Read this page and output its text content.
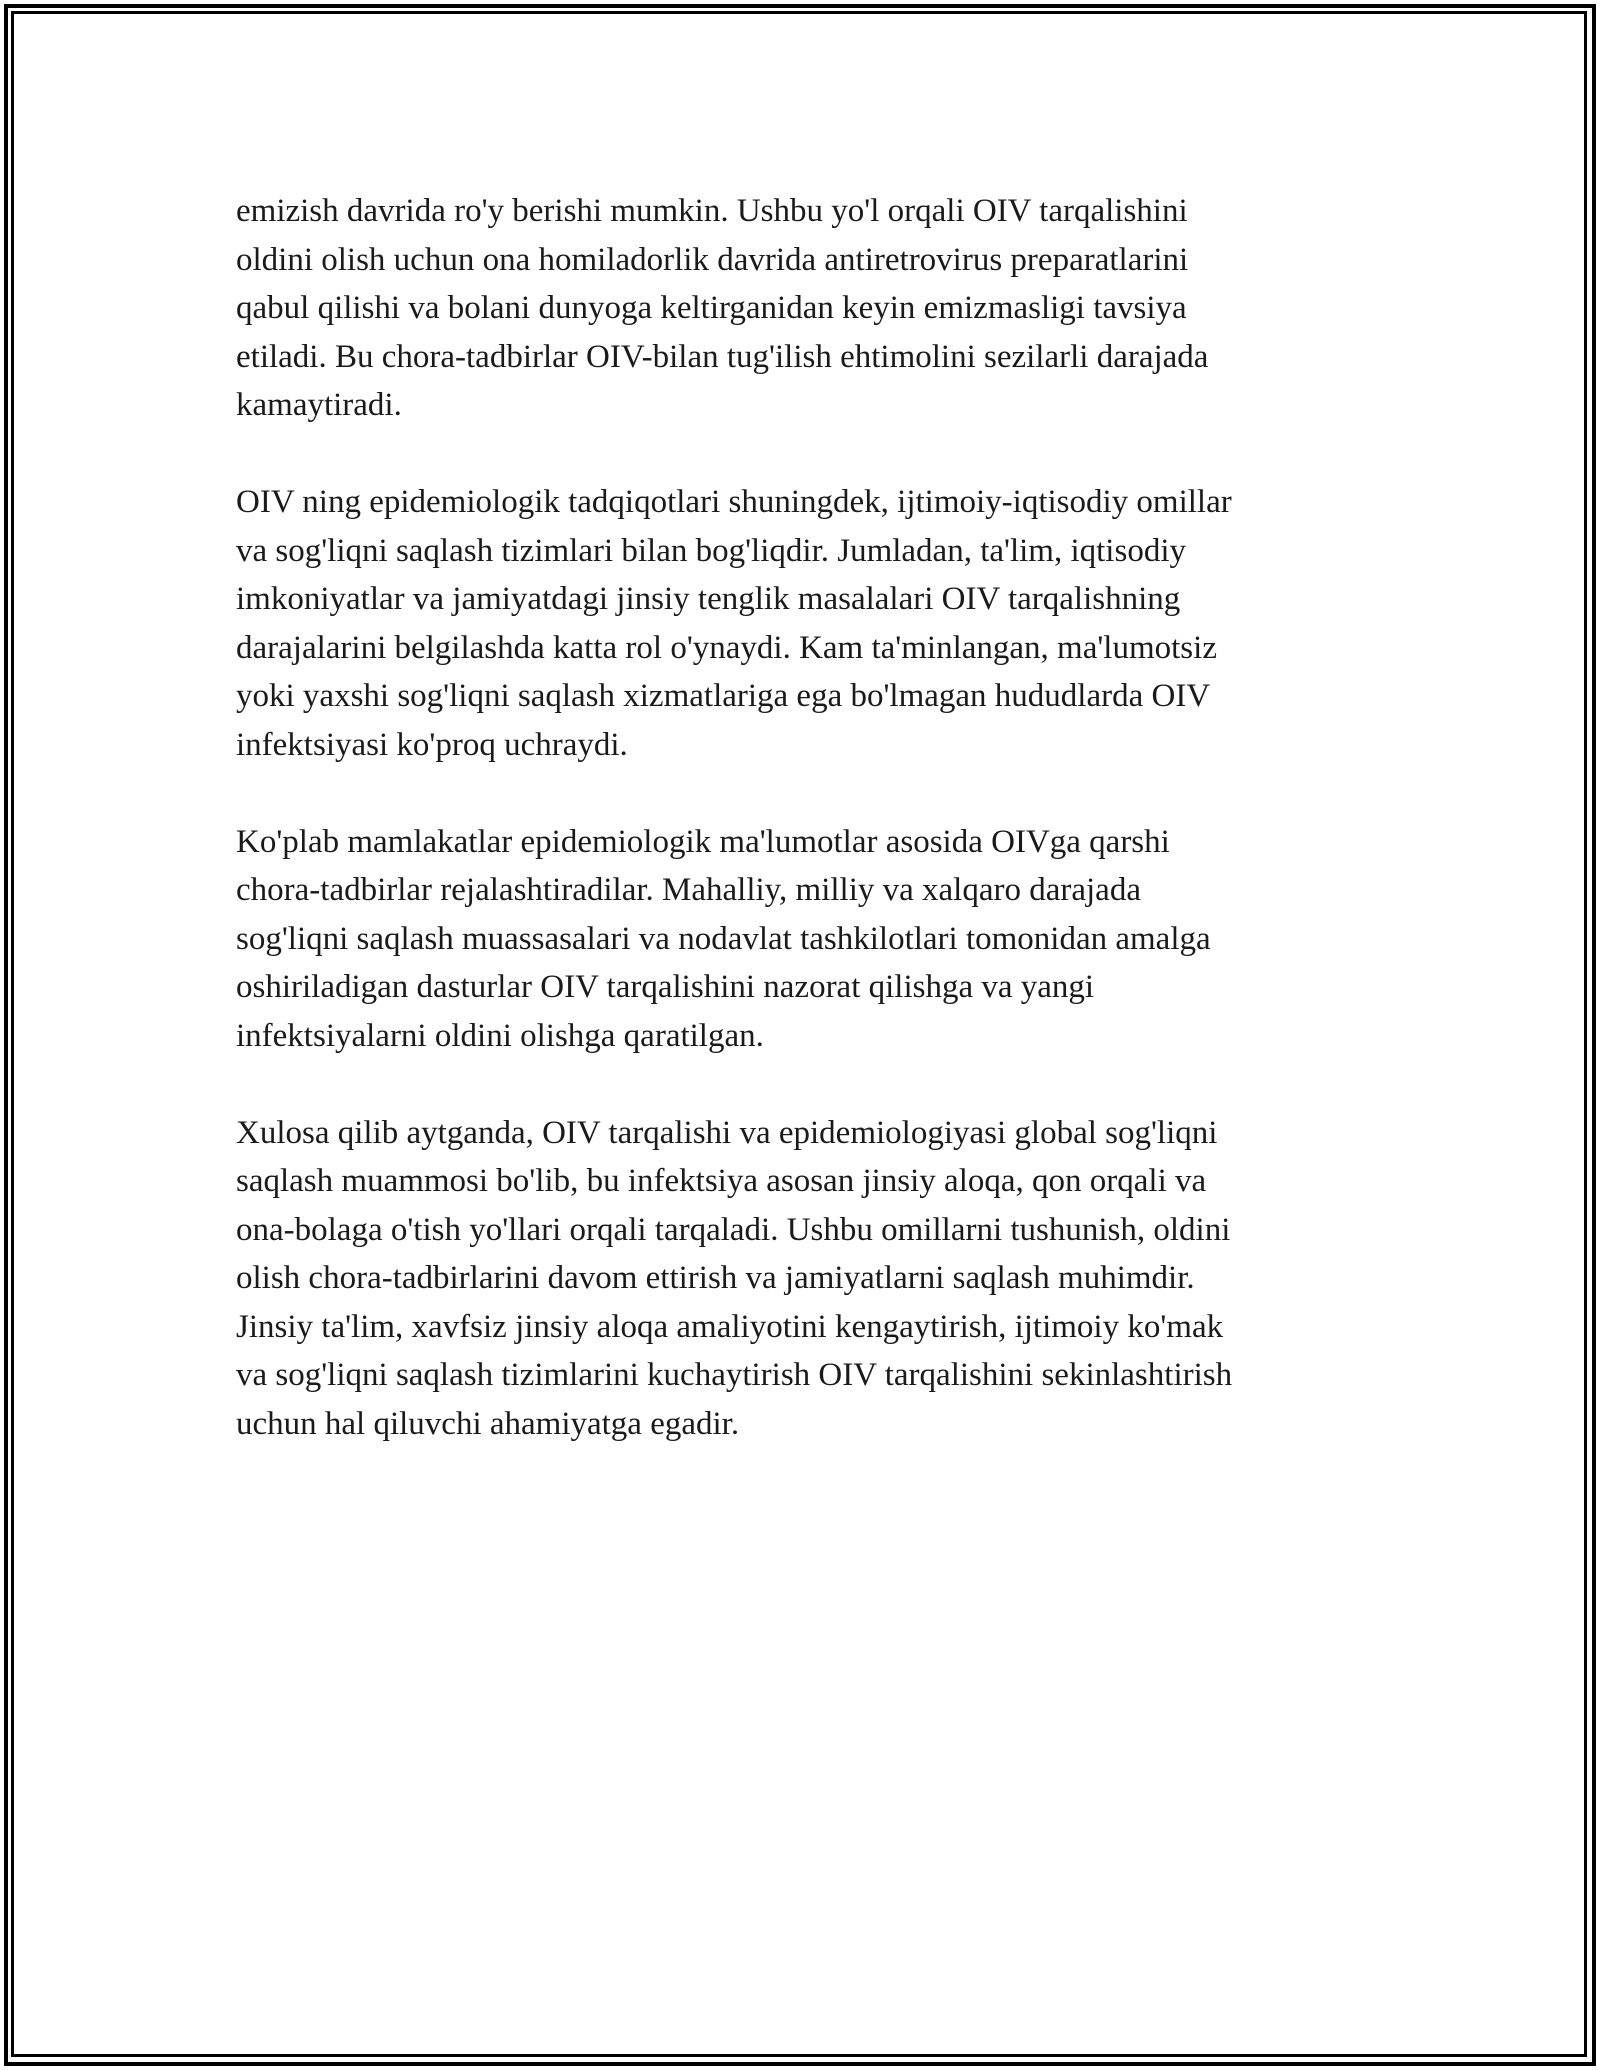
emizish davrida ro'y berishi mumkin. Ushbu yo'l orqali OIV tarqalishini
oldini olish uchun ona homiladorlik davrida antiretrovirus preparatlarini
qabul qilishi va bolani dunyoga keltirganidan keyin emizmasligi tavsiya
etiladi. Bu chora-tadbirlar OIV-bilan tug'ilish ehtimolini sezilarli darajada
kamaytiradi.

OIV ning epidemiologik tadqiqotlari shuningdek, ijtimoiy-iqtisodiy omillar
va sog'liqni saqlash tizimlari bilan bog'liqdir. Jumladan, ta'lim, iqtisodiy
imkoniyatlar va jamiyatdagi jinsiy tenglik masalalari OIV tarqalishning
darajalarini belgilashda katta rol o'ynaydi. Kam ta'minlangan, ma'lumotsiz
yoki yaxshi sog'liqni saqlash xizmatlariga ega bo'lmagan hududlarda OIV
infektsiyasi ko'proq uchraydi.

Ko'plab mamlakatlar epidemiologik ma'lumotlar asosida OIVga qarshi
chora-tadbirlar rejalashtiradilar. Mahalliy, milliy va xalqaro darajada
sog'liqni saqlash muassasalari va nodavlat tashkilotlari tomonidan amalga
oshiriladigan dasturlar OIV tarqalishini nazorat qilishga va yangi
infektsiyalarni oldini olishga qaratilgan.

Xulosa qilib aytganda, OIV tarqalishi va epidemiologiyasi global sog'liqni
saqlash muammosi bo'lib, bu infektsiya asosan jinsiy aloqa, qon orqali va
ona-bolaga o'tish yo'llari orqali tarqaladi. Ushbu omillarni tushunish, oldini
olish chora-tadbirlarini davom ettirish va jamiyatlarni saqlash muhimdir.
Jinsiy ta'lim, xavfsiz jinsiy aloqa amaliyotini kengaytirish, ijtimoiy ko'mak
va sog'liqni saqlash tizimlarini kuchaytirish OIV tarqalishini sekinlashtirish
uchun hal qiluvchi ahamiyatga egadir.
